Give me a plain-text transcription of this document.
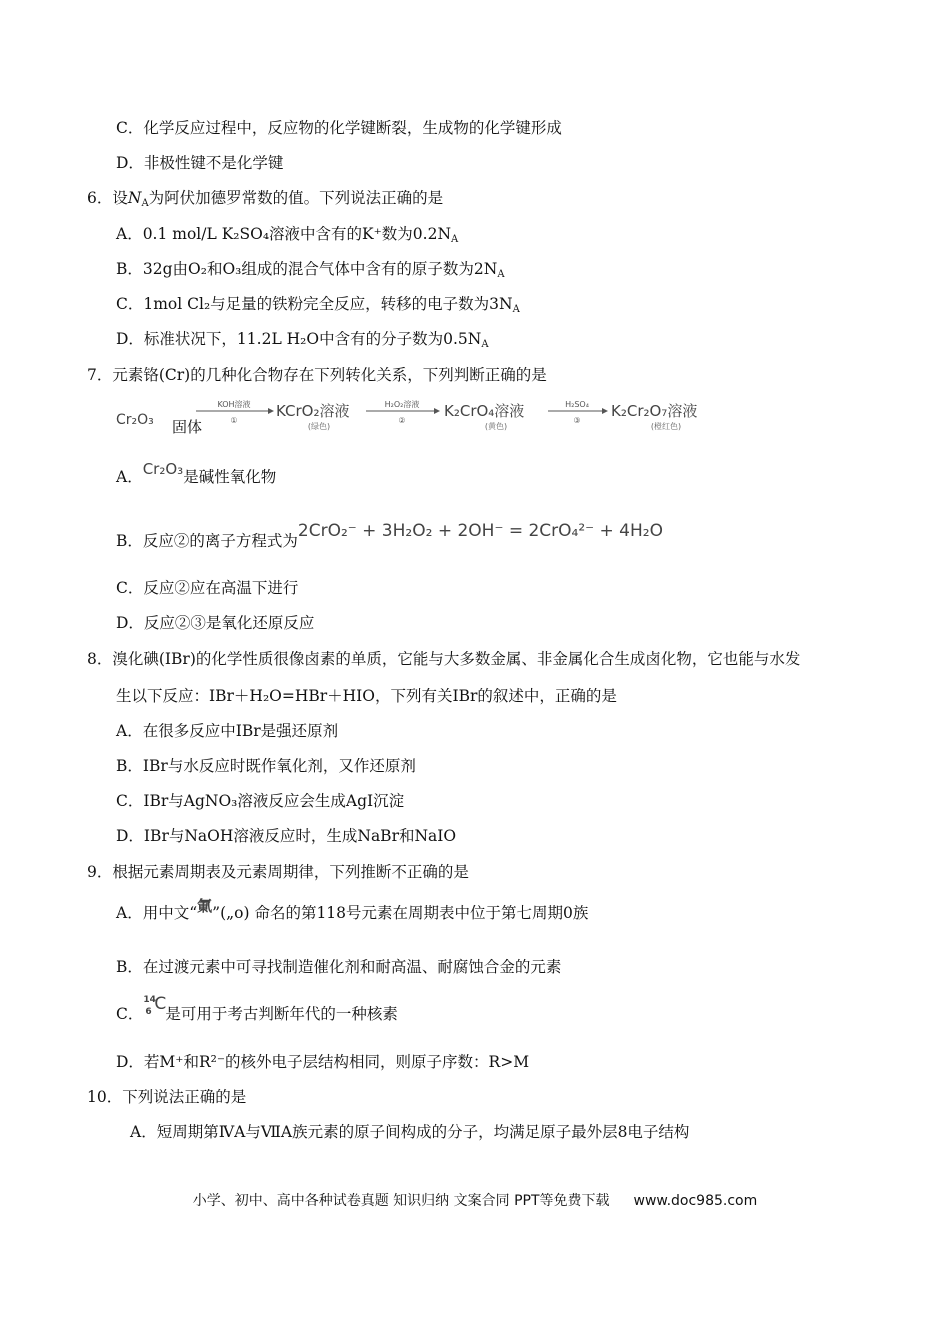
C．化学反应过程中，反应物的化学键断裂，生成物的化学键形成
D．非极性键不是化学键
6．设$N_A$为阿伏加德罗常数的值。下列说法正确的是
A．0.1 mol/L K₂SO₄溶液中含有的K⁺数为$0.2N_A$
B．32g由O₂和O₃组成的混合气体中含有的原子数为$2N_A$
C．1mol Cl₂与足量的铁粉完全反应，转移的电子数为$3N_A$
D．标准状况下，11.2L H₂O中含有的分子数为$0.5N_A$
7．元素铬(Cr)的几种化合物存在下列转化关系，下列判断正确的是
Cr₂O₃ 固体
KOH溶液
①
KCrO₂溶液
(绿色)
H₂O₂溶液
②
K₂CrO₄溶液
(黄色)
H₂SO₄
③
K₂Cr₂O₇溶液
(橙红色)
A．Cr₂O₃是碱性氧化物
B．反应②的离子方程式为2CrO₂⁻ + 3H₂O₂ + 2OH⁻ = 2CrO₄²⁻ + 4H₂O
C．反应②应在高温下进行
D．反应②③是氧化还原反应
8．溴化碘(IBr)的化学性质很像卤素的单质，它能与大多数金属、非金属化合生成卤化物，它也能与水发
生以下反应：IBr＋H₂O=HBr＋HIO，下列有关IBr的叙述中，正确的是
A．在很多反应中IBr是强还原剂
B．IBr与水反应时既作氧化剂，又作还原剂
C．IBr与AgNO₃溶液反应会生成AgI沉淀
D．IBr与NaOH溶液反应时，生成NaBr和NaIO
9．根据元素周期表及元素周期律，下列推断不正确的是
A．用中文“氭”(„o) 命名的第118号元素在周期表中位于第七周期0族
B．在过渡元素中可寻找制造催化剂和耐高温、耐腐蚀合金的元素
C．
14
6 C 是可用于考古判断年代的一种核素
D．若M⁺和R²⁻的核外电子层结构相同，则原子序数：R>M
10．下列说法正确的是
A．短周期第ⅣA与ⅦA族元素的原子间构成的分子，均满足原子最外层8电子结构
小学、初中、高中各种试卷真题 知识归纳 文案合同 PPT等免费下载 www.doc985.com
